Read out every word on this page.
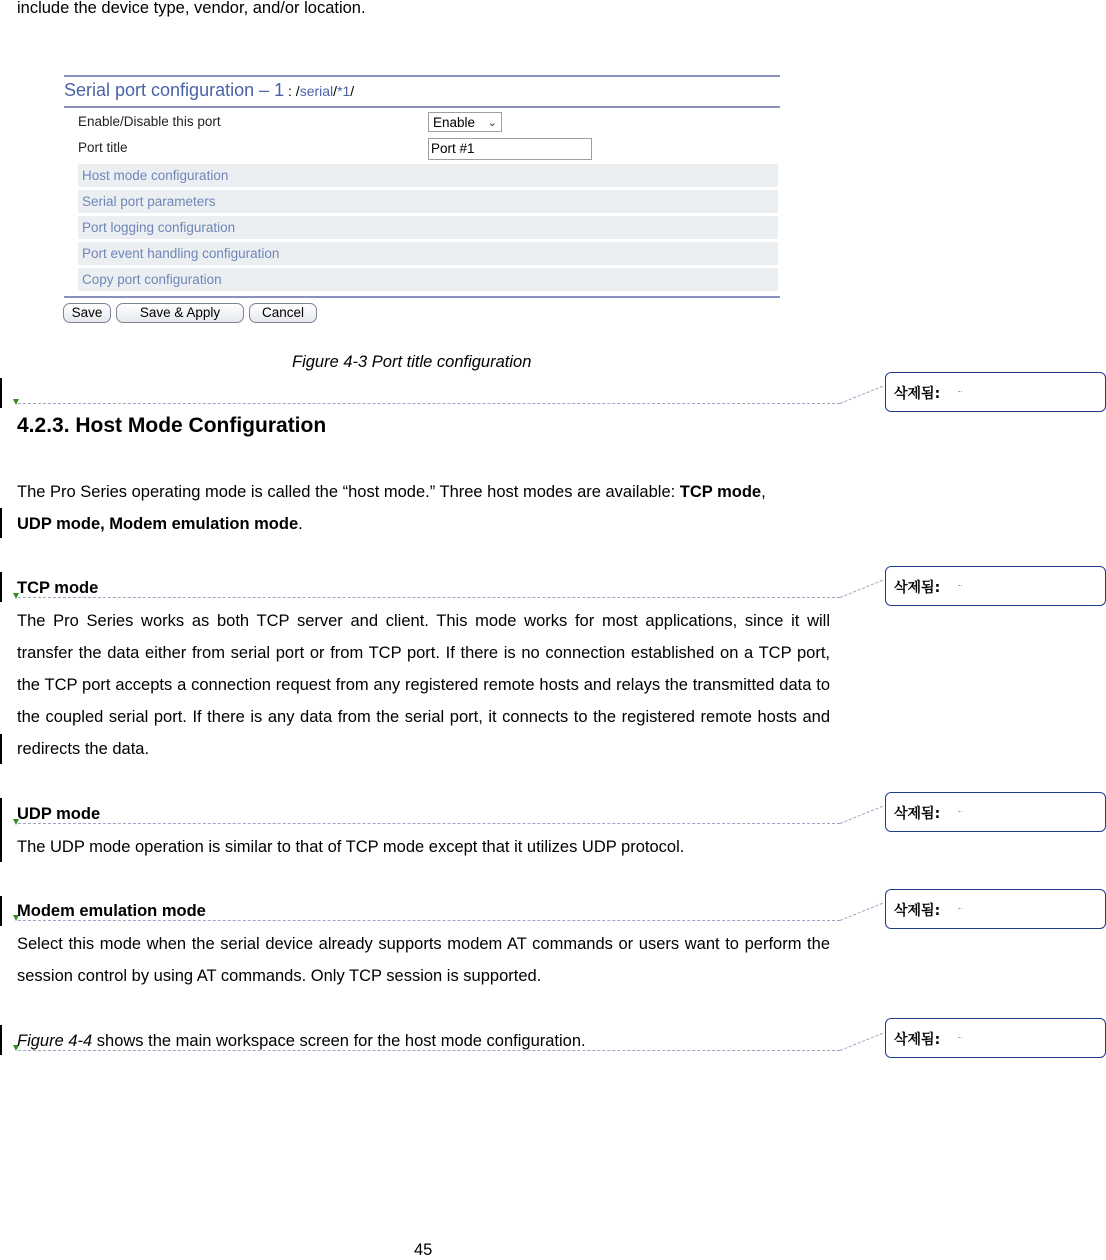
include the device type, vendor, and/or location.
Serial port configuration – 1 : /serial/*1/
Enable/Disable this port	Enable ⌄
Port title	Port #1
Host mode configuration
Serial port parameters
Port logging configuration
Port event handling configuration
Copy port configuration
Save	Save & Apply	Cancel
Figure 4-3 Port title configuration
삭제됨:
삭제됨:
삭제됨:
삭제됨:
삭제됨:
4.2.3. Host Mode Configuration
The Pro Series operating mode is called the “host mode.” Three host modes are available: TCP mode,
UDP mode, Modem emulation mode.
TCP mode
The Pro Series works as both TCP server and client. This mode works for most applications, since it will transfer the data either from serial port or from TCP port. If there is no connection established on a TCP port, the TCP port accepts a connection request from any registered remote hosts and relays the transmitted data to the coupled serial port. If there is any data from the serial port, it connects to the registered remote hosts and redirects the data.
UDP mode
The UDP mode operation is similar to that of TCP mode except that it utilizes UDP protocol.
Modem emulation mode
Select this mode when the serial device already supports modem AT commands or users want to perform the session control by using AT commands. Only TCP session is supported.
Figure 4-4 shows the main workspace screen for the host mode configuration.
45
